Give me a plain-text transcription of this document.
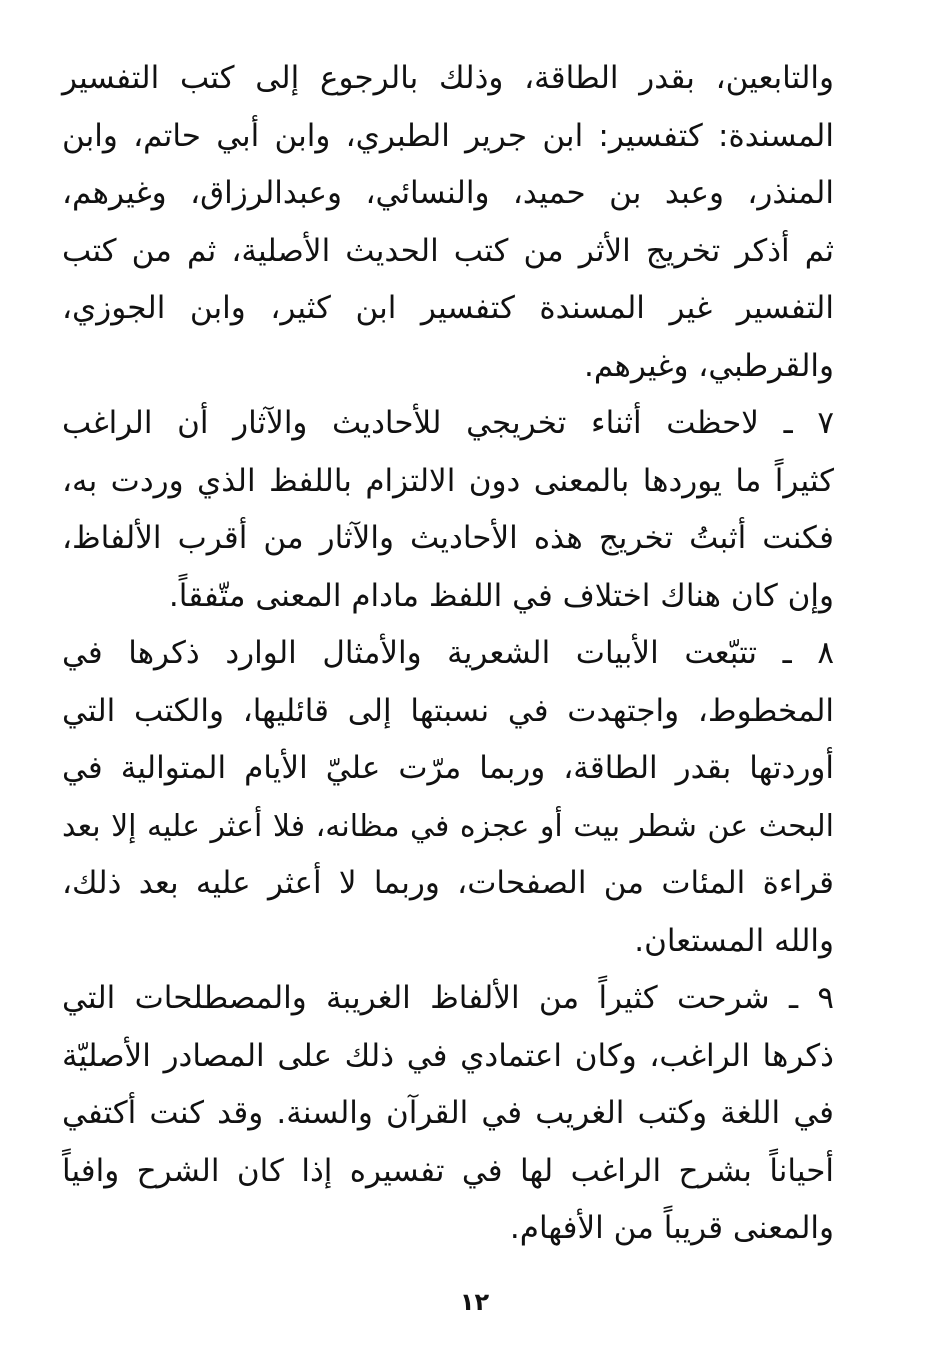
والتابعين، بقدر الطاقة، وذلك بالرجوع إلى كتب التفسير
المسندة: كتفسير: ابن جرير الطبري، وابن أبي حاتم، وابن
المنذر، وعبد بن حميد، والنسائي، وعبدالرزاق، وغيرهم،
ثم أذكر تخريج الأثر من كتب الحديث الأصلية، ثم من كتب
التفسير غير المسندة كتفسير ابن كثير، وابن الجوزي،
والقرطبي، وغيرهم.
٧ ـ لاحظت أثناء تخريجي للأحاديث والآثار أن الراغب
كثيراً ما يوردها بالمعنى دون الالتزام باللفظ الذي وردت به،
فكنت أثبتُ تخريج هذه الأحاديث والآثار من أقرب الألفاظ،
وإن كان هناك اختلاف في اللفظ مادام المعنى متّفقاً.
٨ ـ تتبّعت الأبيات الشعرية والأمثال الوارد ذكرها في
المخطوط، واجتهدت في نسبتها إلى قائليها، والكتب التي
أوردتها بقدر الطاقة، وربما مرّت عليّ الأيام المتوالية في
البحث عن شطر بيت أو عجزه في مظانه، فلا أعثر عليه إلا بعد
قراءة المئات من الصفحات، وربما لا أعثر عليه بعد ذلك،
والله المستعان.
٩ ـ شرحت كثيراً من الألفاظ الغريبة والمصطلحات التي
ذكرها الراغب، وكان اعتمادي في ذلك على المصادر الأصليّة
في اللغة وكتب الغريب في القرآن والسنة. وقد كنت أكتفي
أحياناً بشرح الراغب لها في تفسيره إذا كان الشرح وافياً
والمعنى قريباً من الأفهام.
١٢
